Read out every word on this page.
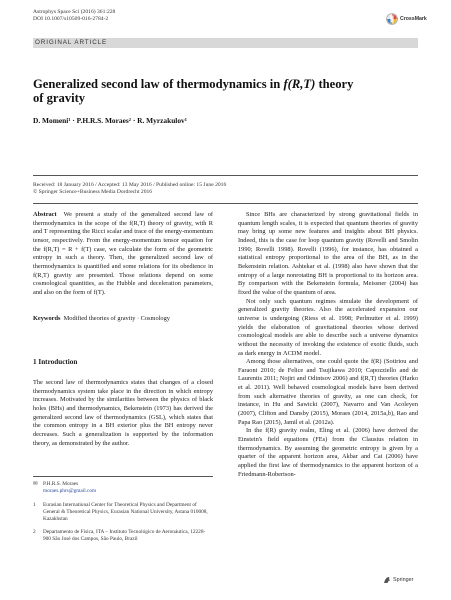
Astrophys Space Sci (2016) 361:228
DOI 10.1007/s10509-016-2784-2	CrossMark
ORIGINAL ARTICLE
Generalized second law of thermodynamics in f(R,T) theory
of gravity
D. Momeni¹ · P.H.R.S. Moraes² · R. Myrzakulov¹
Received: 18 January 2016 / Accepted: 13 May 2016 / Published online: 15 June 2016
© Springer Science+Business Media Dordrecht 2016

Abstract We present a study of the generalized second law of thermodynamics in the scope of the f(R,T) theory of gravity, with R and T representing the Ricci scalar and trace of the energy-momentum tensor, respectively. From the energy-momentum tensor equation for the f(R,T) = R + f(T) case, we calculate the form of the geometric entropy in such a theory. Then, the generalized second law of thermodynamics is quantified and some relations for its obedience in f(R,T) gravity are presented. Those relations depend on some cosmological quantities, as the Hubble and deceleration parameters, and also on the form of f(T).

Keywords Modified theories of gravity · Cosmology
1 Introduction

The second law of thermodynamics states that changes of a closed thermodynamics system take place in the direction in which entropy increases. Motivated by the similarities between the physics of black holes (BHs) and thermodynamics, Bekenstein (1973) has derived the generalized second law of thermodynamics (GSL), which states that the common entropy in a BH exterior plus the BH entropy never decreases. Such a generalization is supported by the information theory, as demonstrated by the author.

✉ P.H.R.S. Moraes
moraes.phrs@gmail.com
1	Eurasian International Center for Theoretical Physics and Department of General & Theoretical Physics, Eurasian National University, Astana 010008, Kazakhstan
2	Departamento de Física, ITA – Instituto Tecnológico de Aeronáutica, 12228-900 São José dos Campos, São Paulo, Brazil

Since BHs are characterized by strong gravitational fields in quantum length scales, it is expected that quantum theories of gravity may bring up some new features and insights about BH physics. Indeed, this is the case for loop quantum gravity (Rovelli and Smolin 1990; Rovelli 1998). Rovelli (1996), for instance, has obtained a statistical entropy proportional to the area of the BH, as in the Bekenstein relation. Ashtekar et al. (1998) also have shown that the entropy of a large nonrotating BH is proportional to its horizon area. By comparison with the Bekenstein formula, Meissner (2004) has fixed the value of the quantum of area.

Not only such quantum regimes simulate the development of generalized gravity theories. Also the accelerated expansion our universe is undergoing (Riess et al. 1998; Perlmutter et al. 1999) yields the elaboration of gravitational theories whose derived cosmological models are able to describe such a universe dynamics without the necessity of invoking the existence of exotic fluids, such as dark energy in ΛCDM model.

Among those alternatives, one could quote the f(R) (Sotiriou and Faraoni 2010; de Felice and Tsujikawa 2010; Capozziello and de Laurentis 2011; Nojiri and Odintsov 2006) and f(R,T) theories (Harko et al. 2011). Well behaved cosmological models have been derived from such alternative theories of gravity, as one can check, for instance, in Hu and Sawicki (2007), Navarro and Van Acoleyen (2007), Clifton and Dansby (2015), Moraes (2014, 2015a,b), Rao and Papa Rao (2015), Jamil et al. (2012a).

In the f(R) gravity realm, Eling et al. (2006) have derived the Einstein's field equations (FEs) from the Clausius relation in thermodynamics. By assuming the geometric entropy is given by a quarter of the apparent horizon area, Akbar and Cai (2006) have applied the first law of thermodynamics to the apparent horizon of a Friedmann-Robertson-

Springer
